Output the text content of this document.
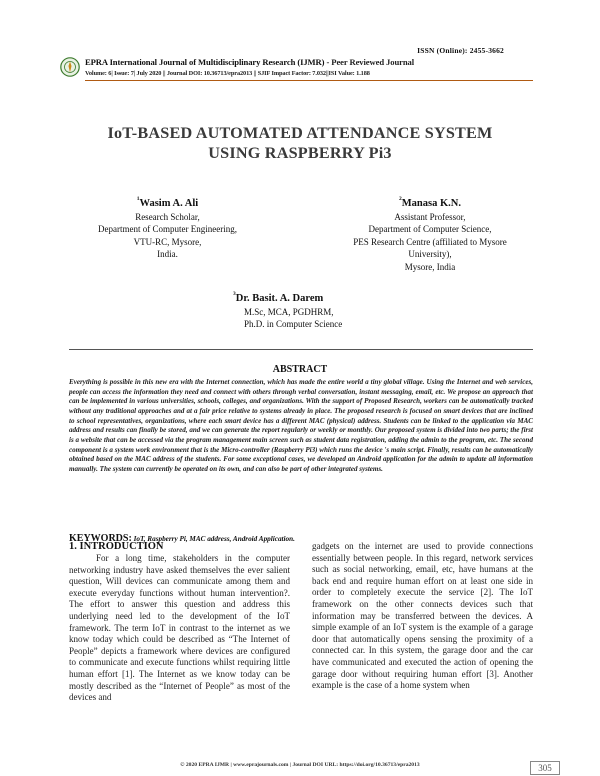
ISSN (Online): 2455-3662
EPRA International Journal of Multidisciplinary Research (IJMR) - Peer Reviewed Journal
Volume: 6| Issue: 7| July 2020 || Journal DOI: 10.36713/epra2013 || SJIF Impact Factor: 7.032||ISI Value: 1.188
IoT-BASED AUTOMATED ATTENDANCE SYSTEM
USING RASPBERRY Pi3
$^1$Wasim A. Ali
Research Scholar,
Department of Computer Engineering,
VTU-RC, Mysore,
India.
$^2$Manasa K.N.
Assistant Professor,
Department of Computer Science,
PES Research Centre (affiliated to Mysore
University),
Mysore, India
$^3$Dr. Basit. A. Darem
M.Sc, MCA, PGDHRM,
Ph.D. in Computer Science
ABSTRACT
Everything is possible in this new era with the Internet connection, which has made the entire world a tiny global village. Using the Internet and web services, people can access the information they need and connect with others through verbal conversation, instant messaging, email, etc. We propose an approach that can be implemented in various universities, schools, colleges, and organizations. With the support of Proposed Research, workers can be automatically tracked without any traditional approaches and at a fair price relative to systems already in place. The proposed research is focused on smart devices that are inclined to school representatives, organizations, where each smart device has a different MAC (physical) address. Students can be linked to the application via MAC address and results can finally be stored, and we can generate the report regularly or weekly or monthly. Our proposed system is divided into two parts; the first is a website that can be accessed via the program management main screen such as student data registration, adding the admin to the program, etc. The second component is a system work environment that is the Micro-controller (Raspberry Pi3) which runs the device 's main script. Finally, results can be automatically obtained based on the MAC address of the students. For some exceptional cases, we developed an Android application for the admin to update all information manually. The system can currently be operated on its own, and can also be part of other integrated systems.
KEYWORDS: IoT, Raspberry Pi, MAC address, Android Application.
1. INTRODUCTION
For a long time, stakeholders in the computer networking industry have asked themselves the ever salient question, Will devices can communicate among them and execute everyday functions without human intervention?. The effort to answer this question and address this underlying need led to the development of the IoT framework. The term IoT in contrast to the internet as we know today which could be described as “The Internet of People” depicts a framework where devices are configured to communicate and execute functions whilst requiring little human effort [1]. The Internet as we know today can be mostly described as the “Internet of People” as most of the devices and
gadgets on the internet are used to provide connections essentially between people. In this regard, network services such as social networking, email, etc, have humans at the back end and require human effort on at least one side in order to completely execute the service [2]. The IoT framework on the other connects devices such that information may be transferred between the devices. A simple example of an IoT system is the example of a garage door that automatically opens sensing the proximity of a connected car. In this system, the garage door and the car have communicated and executed the action of opening the garage door without requiring human effort [3]. Another example is the case of a home system when
© 2020 EPRA IJMR | www.eprajournals.com | Journal DOI URL: https://doi.org/10.36713/epra2013	305
